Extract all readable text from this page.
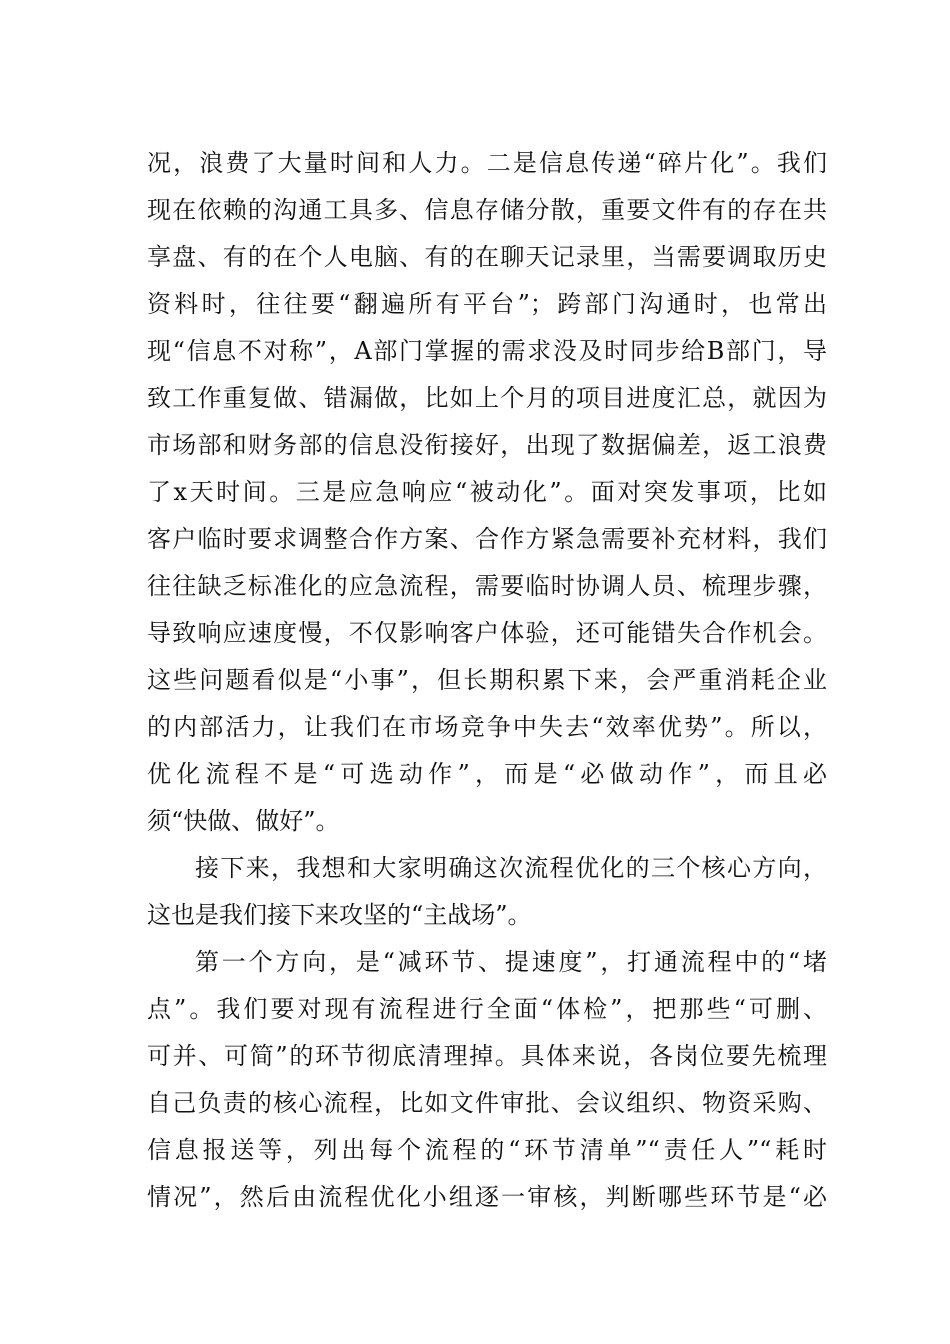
况，浪费了大量时间和人力。二是信息传递“碎片化”。我们
现在依赖的沟通工具多、信息存储分散，重要文件有的存在共
享盘、有的在个人电脑、有的在聊天记录里，当需要调取历史
资料时，往往要“翻遍所有平台”；跨部门沟通时，也常出
现“信息不对称”，A部门掌握的需求没及时同步给B部门，导
致工作重复做、错漏做，比如上个月的项目进度汇总，就因为
市场部和财务部的信息没衔接好，出现了数据偏差，返工浪费
了x天时间。三是应急响应“被动化”。面对突发事项，比如
客户临时要求调整合作方案、合作方紧急需要补充材料，我们
往往缺乏标准化的应急流程，需要临时协调人员、梳理步骤，
导致响应速度慢，不仅影响客户体验，还可能错失合作机会。
这些问题看似是“小事”，但长期积累下来，会严重消耗企业
的内部活力，让我们在市场竞争中失去“效率优势”。所以，
优化流程不是“可选动作”，而是“必做动作”，而且必
须“快做、做好”。
接下来，我想和大家明确这次流程优化的三个核心方向，
这也是我们接下来攻坚的“主战场”。
第一个方向，是“减环节、提速度”，打通流程中的“堵
点”。我们要对现有流程进行全面“体检”，把那些“可删、
可并、可简”的环节彻底清理掉。具体来说，各岗位要先梳理
自己负责的核心流程，比如文件审批、会议组织、物资采购、
信息报送等，列出每个流程的“环节清单”“责任人”“耗时
情况”，然后由流程优化小组逐一审核，判断哪些环节是“必
